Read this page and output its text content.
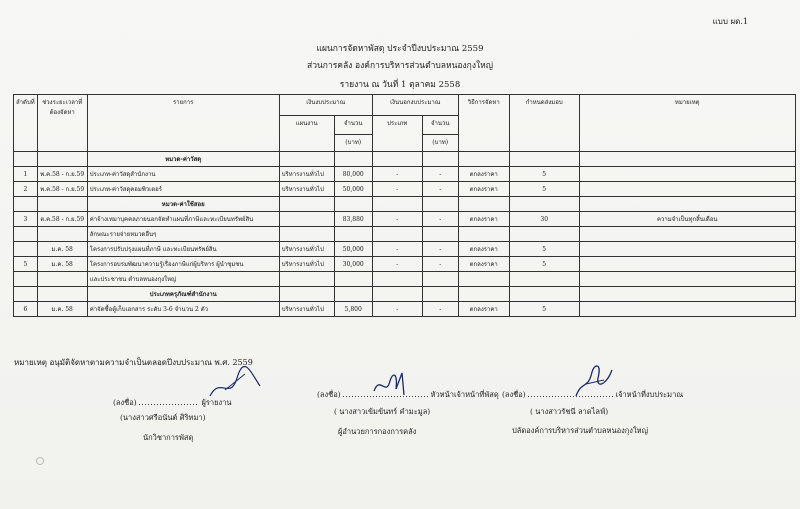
แบบ ผด.1
แผนการจัดหาพัสดุ ประจำปีงบประมาณ 2559
ส่วนการคลัง องค์การบริหารส่วนตำบลหนองกุงใหญ่
รายงาน ณ วันที่ 1 ตุลาคม 2558
ลำดับที่	ช่วงระยะเวลาที่ต้องจัดหา	รายการ	เงินงบประมาณ		เงินนอกงบประมาณ		วิธีการจัดหา	กำหนดส่งมอบ	หมายเหตุ
			แผนงาน	จำนวน	ประเภท	จำนวน			
				(บาท)		(บาท)			
		หมวด-ค่าวัสดุ							
1	พ.ค.58 - ก.ย.59	ประเภท-ค่าวัสดุสำนักงาน	บริหารงานทั่วไป	80,000	-	-	ตกลงราคา	5	
2	พ.ค.58 - ก.ย.59	ประเภท-ค่าวัสดุคอมพิวเตอร์	บริหารงานทั่วไป	50,000	-	-	ตกลงราคา	5	
		หมวด-ค่าใช้สอย							
3	ต.ค.58 - ก.ย.59	ค่าจ้างเหมาบุคคลภายนอกจัดทำแผนที่ภาษีและทะเบียนทรัพย์สิน		83,880	-	-	ตกลงราคา	30	ความจำเป็นทุกสิ้นเดือน
		ลักษณะรายจ่ายหมวดอื่นๆ							
	ม.ค. 58	โครงการปรับปรุงแผนที่ภาษี และทะเบียนทรัพย์สิน	บริหารงานทั่วไป	50,000	-	-	ตกลงราคา	5	
5	ม.ค. 58	โครงการอบรมพัฒนาความรู้เรื่องภาษีแก่ผู้บริหาร ผู้นำชุมชน	บริหารงานทั่วไป	30,000	-	-	ตกลงราคา	5	
		และประชาชน ตำบลหนองกุงใหญ่							
		ประเภทครุภัณฑ์สำนักงาน							
6	ม.ค. 58	ค่าจัดซื้อตู้เก็บเอกสาร ระดับ 3-6 จำนวน 2 ตัว	บริหารงานทั่วไป	5,800	-	-	ตกลงราคา	5	
หมายเหตุ อนุมัติจัดหาตามความจำเป็นตลอดปีงบประมาณ พ.ศ. 2559
(ลงชื่อ)	ผู้รายงาน
(นางสาวศรีอนันต์ ศิริทมา)
นักวิชาการพัสดุ
(ลงชื่อ)	หัวหน้าเจ้าหน้าที่พัสดุ
( นางสาวเข้มข้นทร์ คำมะมูล)
ผู้อำนวยการกองการคลัง
(ลงชื่อ)	เจ้าหน้าที่งบประมาณ
( นางสาวรัชนี ลาดไลฟ์)
ปลัดองค์การบริหารส่วนตำบลหนองกุงใหญ่
